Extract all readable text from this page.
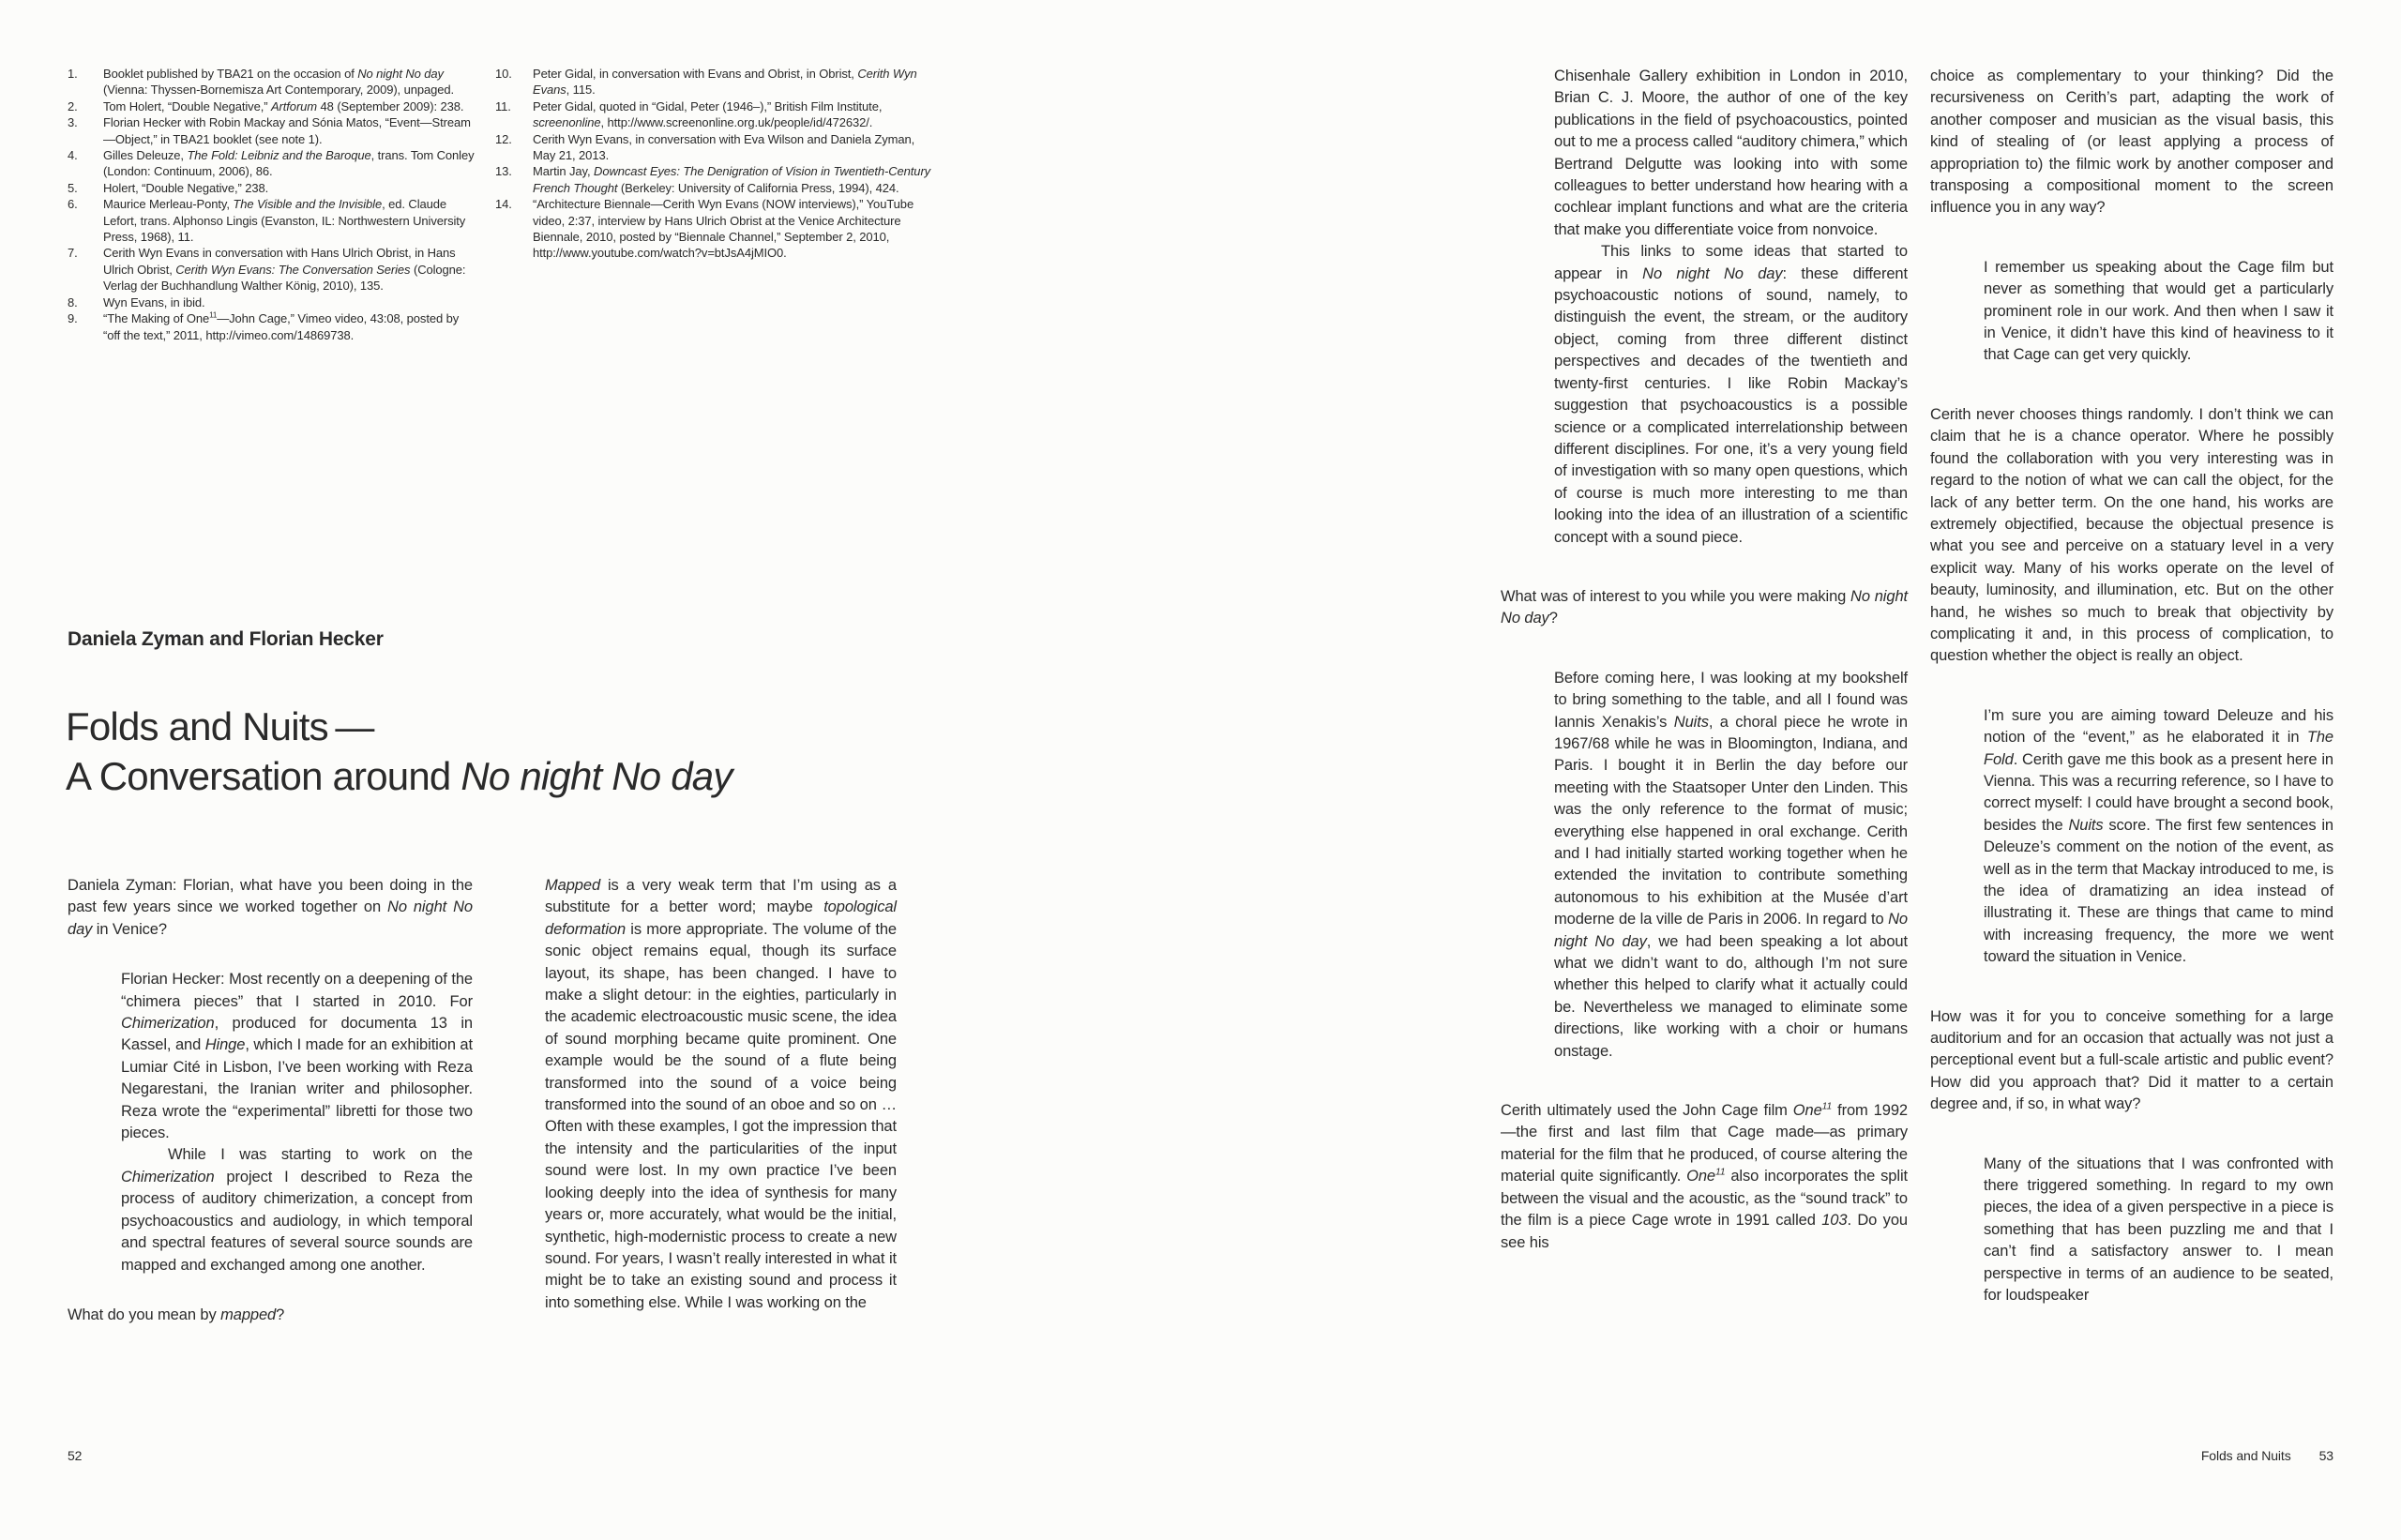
1. Booklet published by TBA21 on the occasion of No night No day (Vienna: Thyssen-Bornemisza Art Contemporary, 2009), unpaged.
2. Tom Holert, “Double Negative,” Artforum 48 (September 2009): 238.
3. Florian Hecker with Robin Mackay and Sónia Matos, “Event—Stream —Object,” in TBA21 booklet (see note 1).
4. Gilles Deleuze, The Fold: Leibniz and the Baroque, trans. Tom Conley (London: Continuum, 2006), 86.
5. Holert, “Double Negative,” 238.
6. Maurice Merleau-Ponty, The Visible and the Invisible, ed. Claude Lefort, trans. Alphonso Lingis (Evanston, IL: Northwestern University Press, 1968), 11.
7. Cerith Wyn Evans in conversation with Hans Ulrich Obrist, in Hans Ulrich Obrist, Cerith Wyn Evans: The Conversation Series (Cologne: Verlag der Buchhandlung Walther König, 2010), 135.
8. Wyn Evans, in ibid.
9. “The Making of One$^{11}$—John Cage,” Vimeo video, 43:08, posted by “off the text,” 2011, http://vimeo.com/14869738.
10. Peter Gidal, in conversation with Evans and Obrist, in Obrist, Cerith Wyn Evans, 115.
11. Peter Gidal, quoted in “Gidal, Peter (1946–),” British Film Institute, screenonline, http://www.screenonline.org.uk/people/id/472632/.
12. Cerith Wyn Evans, in conversation with Eva Wilson and Daniela Zyman, May 21, 2013.
13. Martin Jay, Downcast Eyes: The Denigration of Vision in Twentieth-Century French Thought (Berkeley: University of California Press, 1994), 424.
14. “Architecture Biennale—Cerith Wyn Evans (NOW interviews),” YouTube video, 2:37, interview by Hans Ulrich Obrist at the Venice Architecture Biennale, 2010, posted by “Biennale Channel,” September 2, 2010, http://www.youtube.com/watch?v=btJsA4jMIO0.
Daniela Zyman and Florian Hecker
Folds and Nuits —
A Conversation around No night No day

Daniela Zyman: Florian, what have you been doing in the past few years since we worked together on No night No day in Venice?

Florian Hecker: Most recently on a deepening of the “chimera pieces” that I started in 2010. For Chimerization, produced for documenta 13 in Kassel, and Hinge, which I made for an exhibition at Lumiar Cité in Lisbon, I’ve been working with Reza Negarestani, the Iranian writer and philosopher. Reza wrote the “experimental” libretti for those two pieces.

While I was starting to work on the Chimerization project I described to Reza the process of auditory chimerization, a concept from psychoacoustics and audiology, in which temporal and spectral features of several source sounds are mapped and exchanged among one another.

What do you mean by mapped?

Mapped is a very weak term that I’m using as a substitute for a better word; maybe topological deformation is more appropriate. The volume of the sonic object remains equal, though its surface layout, its shape, has been changed. I have to make a slight detour: in the eighties, particularly in the academic electroacoustic music scene, the idea of sound morphing became quite prominent. One example would be the sound of a flute being transformed into the sound of a voice being transformed into the sound of an oboe and so on … Often with these examples, I got the impression that the intensity and the particularities of the input sound were lost. In my own practice I’ve been looking deeply into the idea of synthesis for many years or, more accurately, what would be the initial, synthetic, high-modernistic process to create a new sound. For years, I wasn’t really interested in what it might be to take an existing sound and process it into something else. While I was working on the

52

Chisenhale Gallery exhibition in London in 2010, Brian C. J. Moore, the author of one of the key publications in the field of psychoacoustics, pointed out to me a process called “auditory chimera,” which Bertrand Delgutte was looking into with some colleagues to better understand how hearing with a cochlear implant functions and what are the criteria that make you differentiate voice from nonvoice.

This links to some ideas that started to appear in No night No day: these different psychoacoustic notions of sound, namely, to distinguish the event, the stream, or the auditory object, coming from three different distinct perspectives and decades of the twentieth and twenty-first centuries. I like Robin Mackay’s suggestion that psychoacoustics is a possible science or a complicated interrelationship between different disciplines. For one, it’s a very young field of investigation with so many open questions, which of course is much more interesting to me than looking into the idea of an illustration of a scientific concept with a sound piece.

What was of interest to you while you were making No night No day?

Before coming here, I was looking at my bookshelf to bring something to the table, and all I found was Iannis Xenakis’s Nuits, a choral piece he wrote in 1967/68 while he was in Bloomington, Indiana, and Paris. I bought it in Berlin the day before our meeting with the Staatsoper Unter den Linden. This was the only reference to the format of music; everything else happened in oral exchange. Cerith and I had initially started working together when he extended the invitation to contribute something autonomous to his exhibition at the Musée d’art moderne de la ville de Paris in 2006. In regard to No night No day, we had been speaking a lot about what we didn’t want to do, although I’m not sure whether this helped to clarify what it actually could be. Nevertheless we managed to eliminate some directions, like working with a choir or humans onstage.

Cerith ultimately used the John Cage film One$^{11}$ from 1992—the first and last film that Cage made—as primary material for the film that he produced, of course altering the material quite significantly. One$^{11}$ also incorporates the split between the visual and the acoustic, as the “sound track” to the film is a piece Cage wrote in 1991 called 103. Do you see his

choice as complementary to your thinking? Did the recursiveness on Cerith’s part, adapting the work of another composer and musician as the visual basis, this kind of stealing of (or least applying a process of appropriation to) the filmic work by another composer and transposing a compositional moment to the screen influence you in any way?

I remember us speaking about the Cage film but never as something that would get a particularly prominent role in our work. And then when I saw it in Venice, it didn’t have this kind of heaviness to it that Cage can get very quickly.

Cerith never chooses things randomly. I don’t think we can claim that he is a chance operator. Where he possibly found the collaboration with you very interesting was in regard to the notion of what we can call the object, for the lack of any better term. On the one hand, his works are extremely objectified, because the objectual presence is what you see and perceive on a statuary level in a very explicit way. Many of his works operate on the level of beauty, luminosity, and illumination, etc. But on the other hand, he wishes so much to break that objectivity by complicating it and, in this process of complication, to question whether the object is really an object.

I’m sure you are aiming toward Deleuze and his notion of the “event,” as he elaborated it in The Fold. Cerith gave me this book as a present here in Vienna. This was a recurring reference, so I have to correct myself: I could have brought a second book, besides the Nuits score. The first few sentences in Deleuze’s comment on the notion of the event, as well as in the term that Mackay introduced to me, is the idea of dramatizing an idea instead of illustrating it. These are things that came to mind with increasing frequency, the more we went toward the situation in Venice.

How was it for you to conceive something for a large auditorium and for an occasion that actually was not just a perceptional event but a full-scale artistic and public event? How did you approach that? Did it matter to a certain degree and, if so, in what way?

Many of the situations that I was confronted with there triggered something. In regard to my own pieces, the idea of a given perspective in a piece is something that has been puzzling me and that I can’t find a satisfactory answer to. I mean perspective in terms of an audience to be seated, for loudspeaker

Folds and Nuits 53
